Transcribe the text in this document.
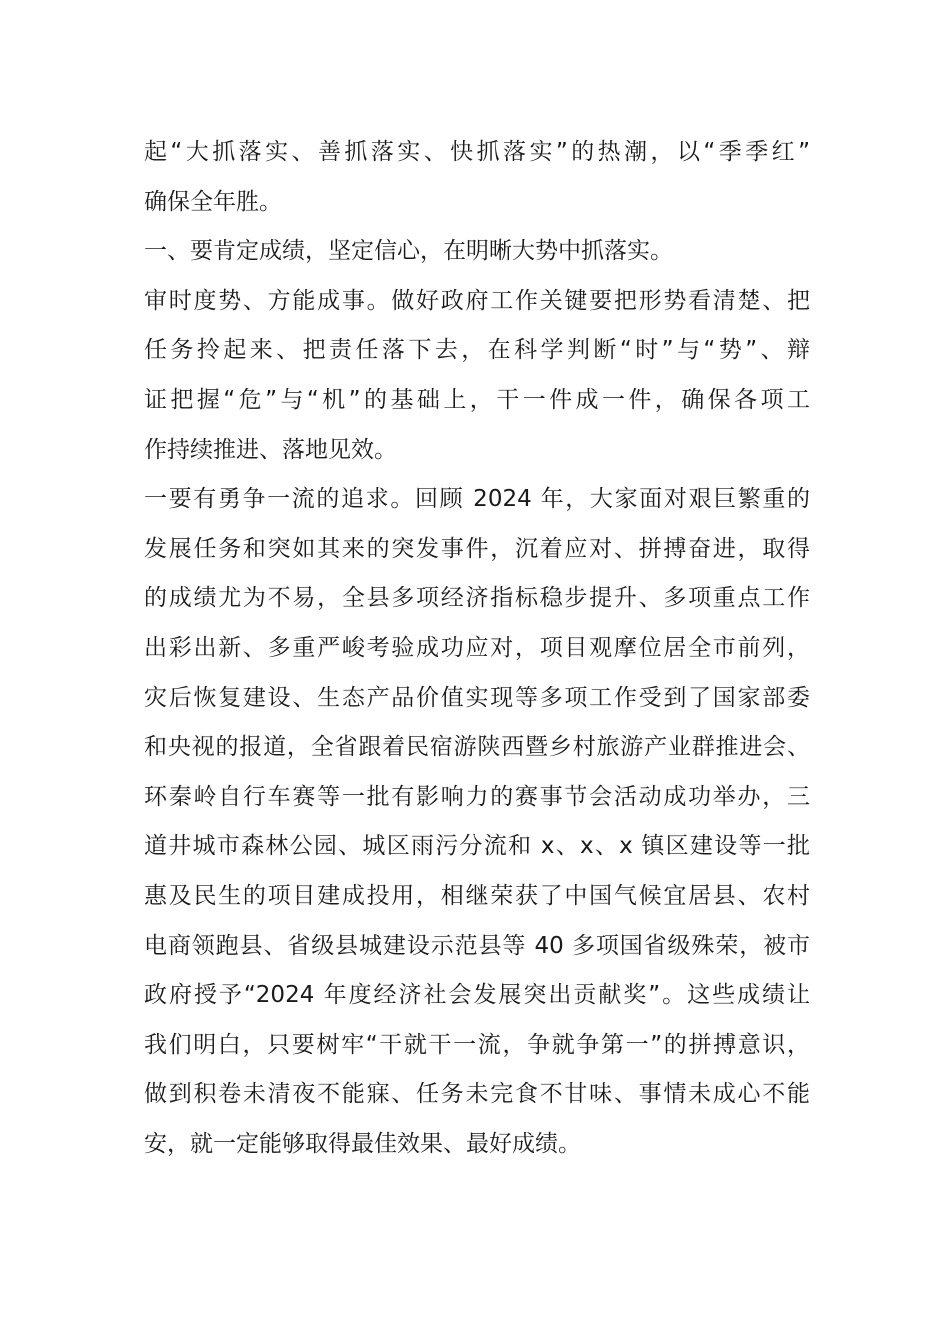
起“大抓落实、善抓落实、快抓落实”的热潮，以“季季红”
确保全年胜。
一、要肯定成绩，坚定信心，在明晰大势中抓落实。
审时度势、方能成事。做好政府工作关键要把形势看清楚、把
任务拎起来、把责任落下去，在科学判断“时”与“势”、辩
证把握“危”与“机”的基础上，干一件成一件，确保各项工
作持续推进、落地见效。
一要有勇争一流的追求。回顾 2024 年，大家面对艰巨繁重的
发展任务和突如其来的突发事件，沉着应对、拼搏奋进，取得
的成绩尤为不易，全县多项经济指标稳步提升、多项重点工作
出彩出新、多重严峻考验成功应对，项目观摩位居全市前列，
灾后恢复建设、生态产品价值实现等多项工作受到了国家部委
和央视的报道，全省跟着民宿游陕西暨乡村旅游产业群推进会、
环秦岭自行车赛等一批有影响力的赛事节会活动成功举办，三
道井城市森林公园、城区雨污分流和 x、x、x 镇区建设等一批
惠及民生的项目建成投用，相继荣获了中国气候宜居县、农村
电商领跑县、省级县城建设示范县等 40 多项国省级殊荣，被市
政府授予“2024 年度经济社会发展突出贡献奖”。这些成绩让
我们明白，只要树牢“干就干一流，争就争第一”的拼搏意识，
做到积卷未清夜不能寐、任务未完食不甘味、事情未成心不能
安，就一定能够取得最佳效果、最好成绩。
